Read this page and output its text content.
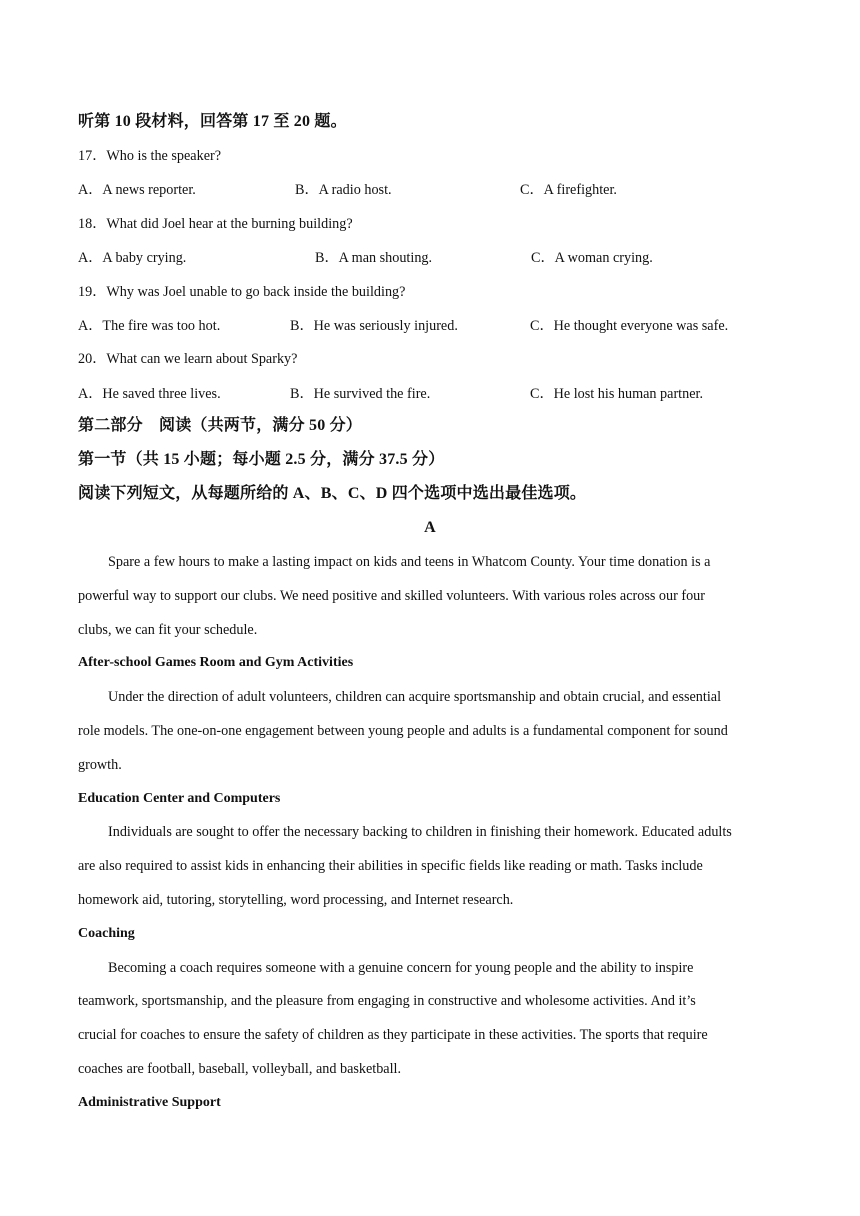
听第 10 段材料，回答第 17 至 20 题。
17．Who is the speaker?
A．A news reporter.	B．A radio host.	C．A firefighter.
18．What did Joel hear at the burning building?
A．A baby crying.	B．A man shouting.	C．A woman crying.
19．Why was Joel unable to go back inside the building?
A．The fire was too hot.	B．He was seriously injured.	C．He thought everyone was safe.
20．What can we learn about Sparky?
A．He saved three lives.	B．He survived the fire.	C．He lost his human partner.
第二部分　阅读（共两节，满分 50 分）
第一节（共 15 小题；每小题 2.5 分，满分 37.5 分）
阅读下列短文，从每题所给的 A、B、C、D 四个选项中选出最佳选项。
A
Spare a few hours to make a lasting impact on kids and teens in Whatcom County. Your time donation is a
powerful way to support our clubs. We need positive and skilled volunteers. With various roles across our four
clubs, we can fit your schedule.
After-school Games Room and Gym Activities
Under the direction of adult volunteers, children can acquire sportsmanship and obtain crucial, and essential
role models. The one-on-one engagement between young people and adults is a fundamental component for sound
growth.
Education Center and Computers
Individuals are sought to offer the necessary backing to children in finishing their homework. Educated adults
are also required to assist kids in enhancing their abilities in specific fields like reading or math. Tasks include
homework aid, tutoring, storytelling, word processing, and Internet research.
Coaching
Becoming a coach requires someone with a genuine concern for young people and the ability to inspire
teamwork, sportsmanship, and the pleasure from engaging in constructive and wholesome activities. And it’s
crucial for coaches to ensure the safety of children as they participate in these activities. The sports that require
coaches are football, baseball, volleyball, and basketball.
Administrative Support
